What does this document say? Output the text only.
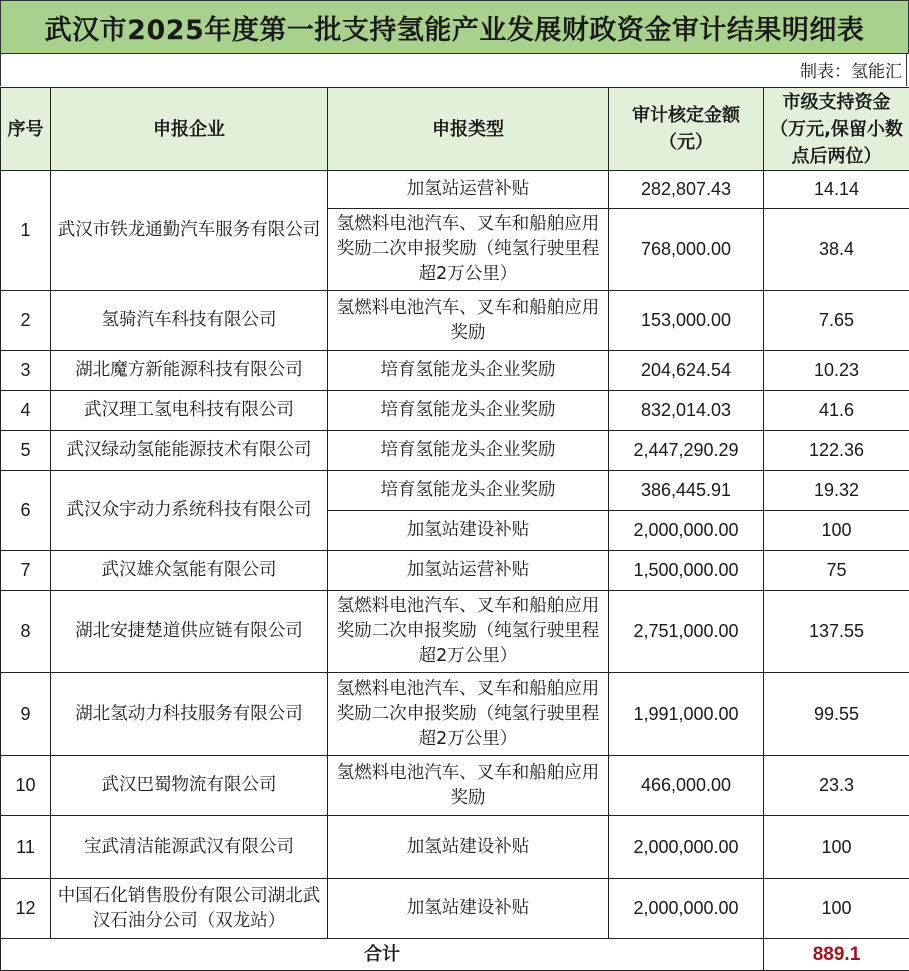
武汉市2025年度第一批支持氢能产业发展财政资金审计结果明细表
制表：氢能汇
序号	申报企业	申报类型	审计核定金额（元）	市级支持资金（万元,保留小数点后两位）
1	武汉市铁龙通勤汽车服务有限公司	加氢站运营补贴	282,807.43	14.14
		氢燃料电池汽车、叉车和船舶应用奖励二次申报奖励（纯氢行驶里程超2万公里）	768,000.00	38.4
2	氢骑汽车科技有限公司	氢燃料电池汽车、叉车和船舶应用奖励	153,000.00	7.65
3	湖北魔方新能源科技有限公司	培育氢能龙头企业奖励	204,624.54	10.23
4	武汉理工氢电科技有限公司	培育氢能龙头企业奖励	832,014.03	41.6
5	武汉绿动氢能能源技术有限公司	培育氢能龙头企业奖励	2,447,290.29	122.36
6	武汉众宇动力系统科技有限公司	培育氢能龙头企业奖励	386,445.91	19.32
		加氢站建设补贴	2,000,000.00	100
7	武汉雄众氢能有限公司	加氢站运营补贴	1,500,000.00	75
8	湖北安捷楚道供应链有限公司	氢燃料电池汽车、叉车和船舶应用奖励二次申报奖励（纯氢行驶里程超2万公里）	2,751,000.00	137.55
9	湖北氢动力科技服务有限公司	氢燃料电池汽车、叉车和船舶应用奖励二次申报奖励（纯氢行驶里程超2万公里）	1,991,000.00	99.55
10	武汉巴蜀物流有限公司	氢燃料电池汽车、叉车和船舶应用奖励	466,000.00	23.3
11	宝武清洁能源武汉有限公司	加氢站建设补贴	2,000,000.00	100
12	中国石化销售股份有限公司湖北武汉石油分公司（双龙站）	加氢站建设补贴	2,000,000.00	100
合计				889.1
